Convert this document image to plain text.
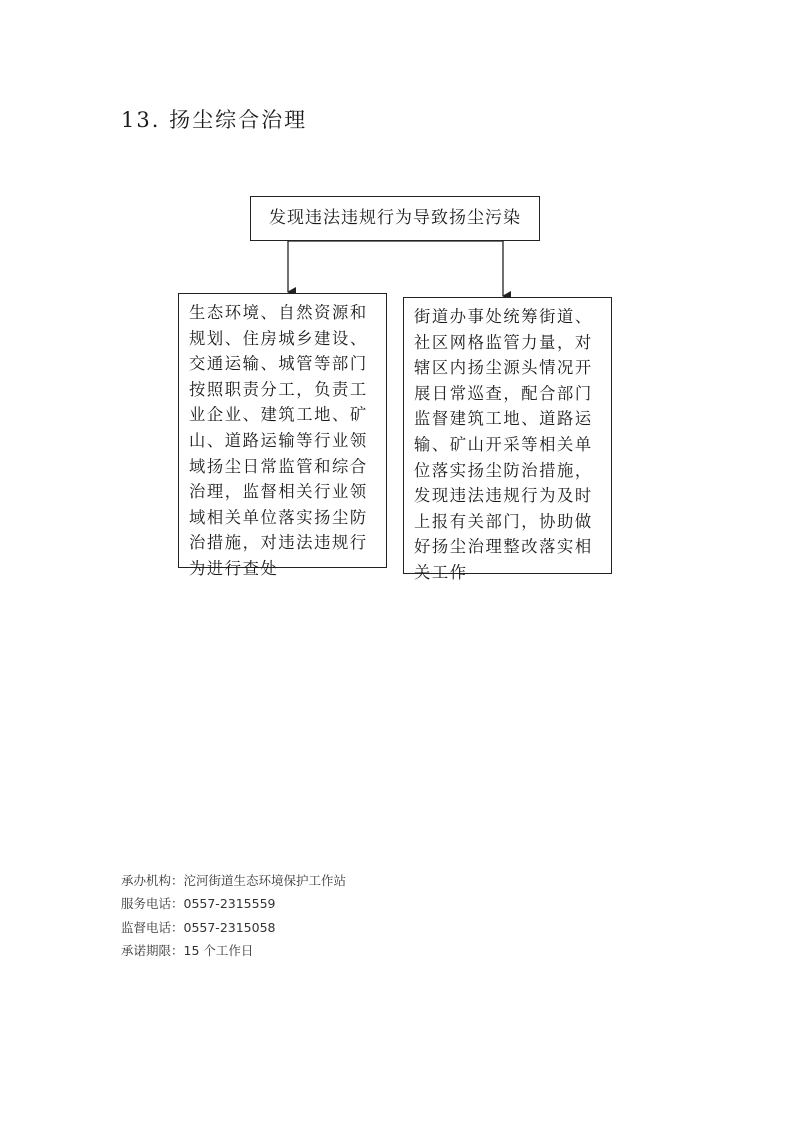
13. 扬尘综合治理
发现违法违规行为导致扬尘污染
生态环境、自然资源和规划、住房城乡建设、交通运输、城管等部门按照职责分工，负责工业企业、建筑工地、矿山、道路运输等行业领域扬尘日常监管和综合治理，监督相关行业领域相关单位落实扬尘防治措施，对违法违规行为进行查处
街道办事处统筹街道、社区网格监管力量，对辖区内扬尘源头情况开展日常巡查，配合部门监督建筑工地、道路运输、矿山开采等相关单位落实扬尘防治措施，发现违法违规行为及时上报有关部门，协助做好扬尘治理整改落实相关工作
承办机构：沱河街道生态环境保护工作站
服务电话：0557-2315559
监督电话：0557-2315058
承诺期限：15 个工作日
